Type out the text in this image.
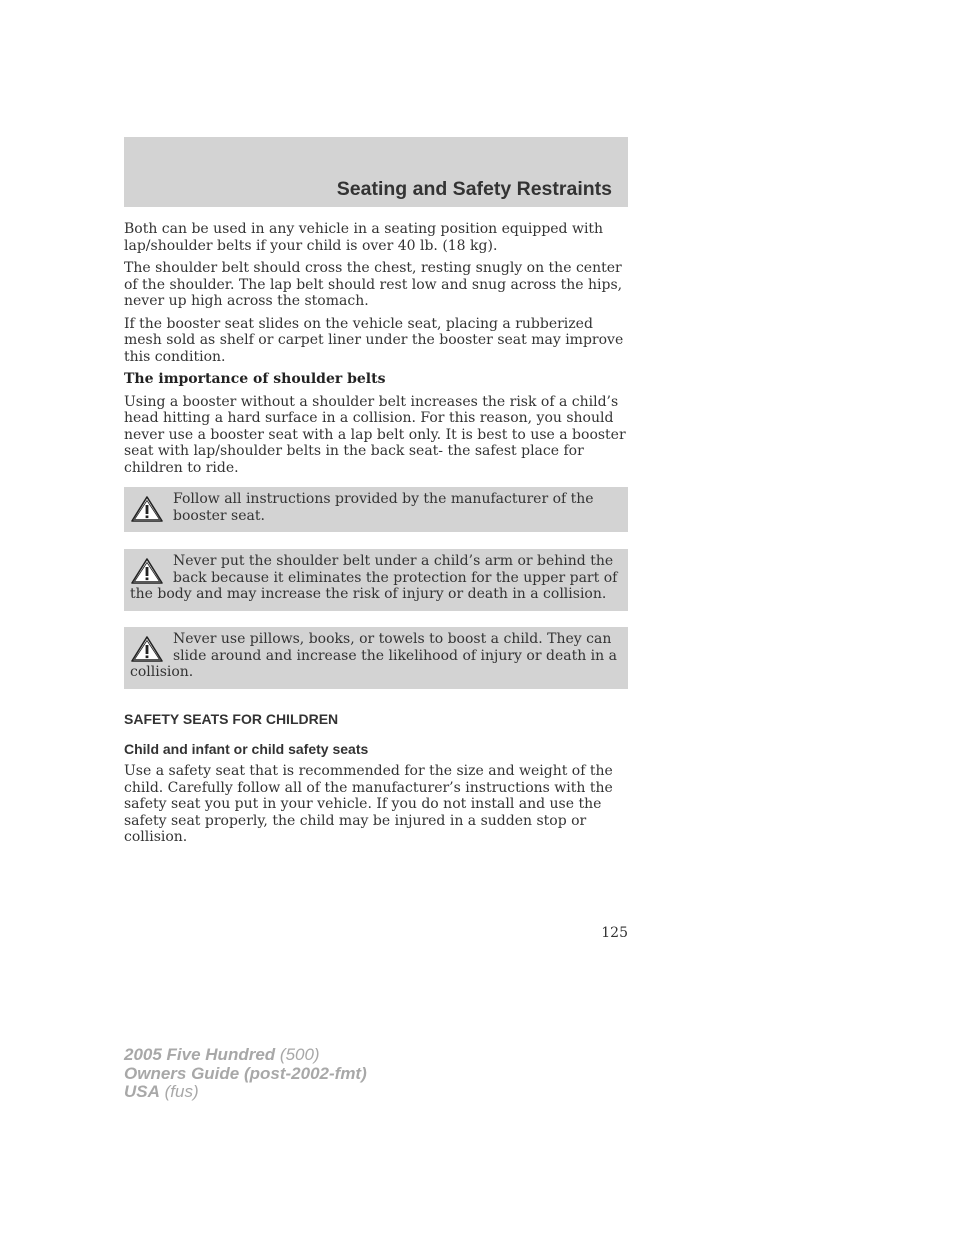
Seating and Safety Restraints

Both can be used in any vehicle in a seating position equipped with lap/shoulder belts if your child is over 40 lb. (18 kg).

The shoulder belt should cross the chest, resting snugly on the center of the shoulder. The lap belt should rest low and snug across the hips, never up high across the stomach.

If the booster seat slides on the vehicle seat, placing a rubberized mesh sold as shelf or carpet liner under the booster seat may improve this condition.

The importance of shoulder belts

Using a booster without a shoulder belt increases the risk of a child’s head hitting a hard surface in a collision. For this reason, you should never use a booster seat with a lap belt only. It is best to use a booster seat with lap/shoulder belts in the back seat- the safest place for children to ride.

Follow all instructions provided by the manufacturer of the booster seat.
Never put the shoulder belt under a child’s arm or behind the back because it eliminates the protection for the upper part of the body and may increase the risk of injury or death in a collision.
Never use pillows, books, or towels to boost a child. They can slide around and increase the likelihood of injury or death in a collision.
SAFETY SEATS FOR CHILDREN
Child and infant or child safety seats

Use a safety seat that is recommended for the size and weight of the child. Carefully follow all of the manufacturer’s instructions with the safety seat you put in your vehicle. If you do not install and use the safety seat properly, the child may be injured in a sudden stop or collision.

125
2005 Five Hundred (500)
Owners Guide (post-2002-fmt)
USA (fus)
